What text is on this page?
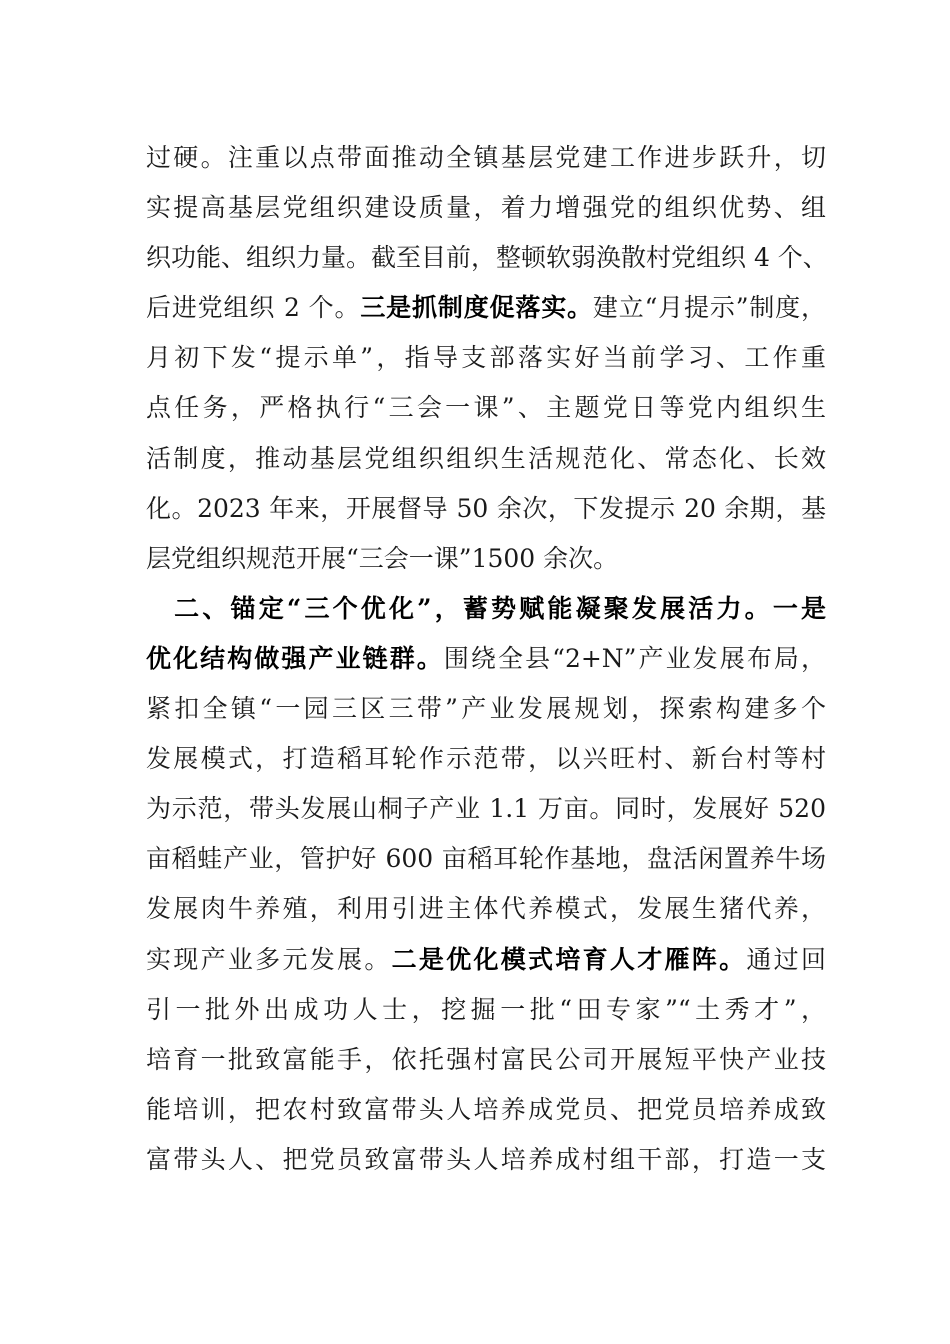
过硬。注重以点带面推动全镇基层党建工作进步跃升，切
实提高基层党组织建设质量，着力增强党的组织优势、组
织功能、组织力量。截至目前，整顿软弱涣散村党组织 4 个、
后进党组织 2 个。三是抓制度促落实。建立“月提示”制度，
月初下发“提示单”，指导支部落实好当前学习、工作重
点任务，严格执行“三会一课”、主题党日等党内组织生
活制度，推动基层党组织组织生活规范化、常态化、长效
化。2023 年来，开展督导 50 余次，下发提示 20 余期，基
层党组织规范开展“三会一课”1500 余次。
　二、锚定“三个优化”，蓄势赋能凝聚发展活力。一是
优化结构做强产业链群。围绕全县“2+N”产业发展布局，
紧扣全镇“一园三区三带”产业发展规划，探索构建多个
发展模式，打造稻耳轮作示范带，以兴旺村、新台村等村
为示范，带头发展山桐子产业 1.1 万亩。同时，发展好 520
亩稻蛙产业，管护好 600 亩稻耳轮作基地，盘活闲置养牛场
发展肉牛养殖，利用引进主体代养模式，发展生猪代养，
实现产业多元发展。二是优化模式培育人才雁阵。通过回
引一批外出成功人士，挖掘一批“田专家”“土秀才”，
培育一批致富能手，依托强村富民公司开展短平快产业技
能培训，把农村致富带头人培养成党员、把党员培养成致
富带头人、把党员致富带头人培养成村组干部，打造一支
